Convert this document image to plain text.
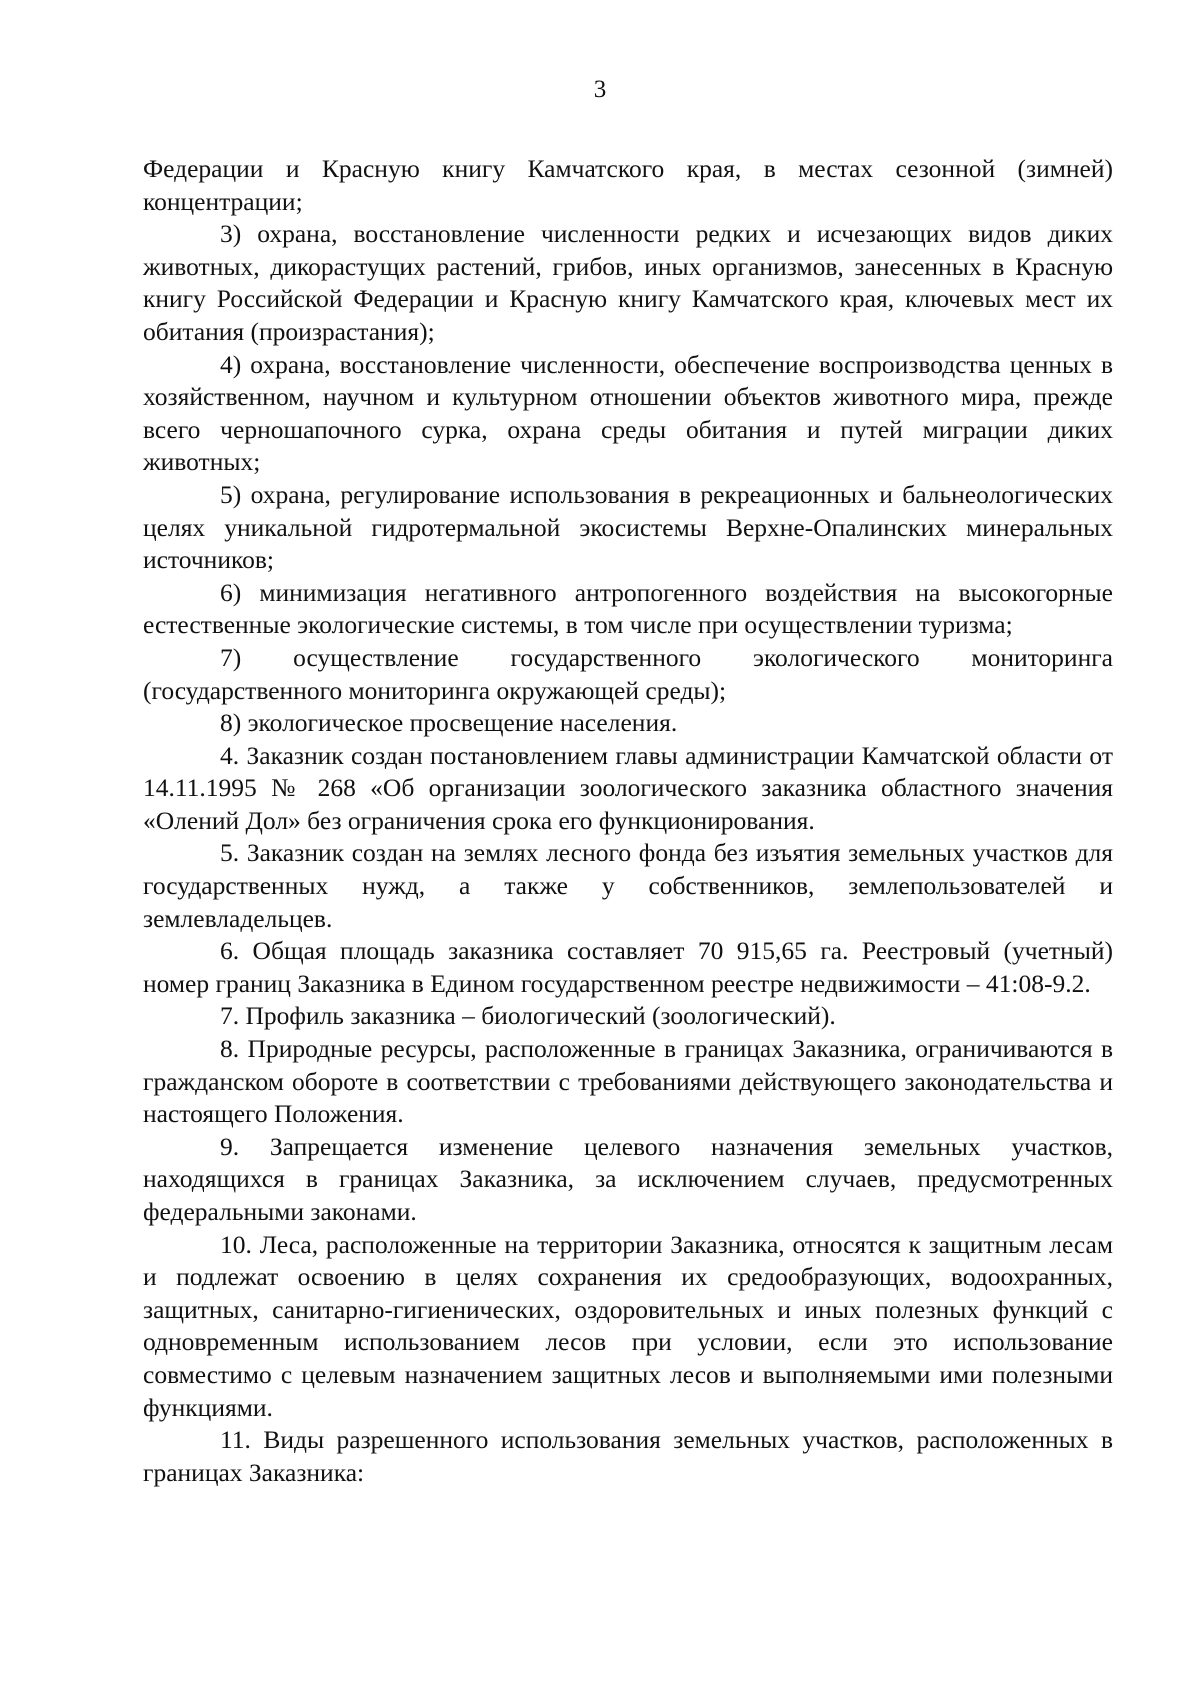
3

Федерации и Красную книгу Камчатского края, в местах сезонной (зимней) концентрации;

3) охрана, восстановление численности редких и исчезающих видов диких животных, дикорастущих растений, грибов, иных организмов, занесенных в Красную книгу Российской Федерации и Красную книгу Камчатского края, ключевых мест их обитания (произрастания);

4) охрана, восстановление численности, обеспечение воспроизводства ценных в хозяйственном, научном и культурном отношении объектов животного мира, прежде всего черношапочного сурка, охрана среды обитания и путей миграции диких животных;

5) охрана, регулирование использования в рекреационных и бальнеологических целях уникальной гидротермальной экосистемы Верхне-Опалинских минеральных источников;

6) минимизация негативного антропогенного воздействия на высокогорные естественные экологические системы, в том числе при осуществлении туризма;

7) осуществление государственного экологического мониторинга (государственного мониторинга окружающей среды);

8) экологическое просвещение населения.

4. Заказник создан постановлением главы администрации Камчатской области от 14.11.1995 № 268 «Об организации зоологического заказника областного значения «Олений Дол» без ограничения срока его функционирования.

5. Заказник создан на землях лесного фонда без изъятия земельных участков для государственных нужд, а также у собственников, землепользователей и землевладельцев.

6. Общая площадь заказника составляет 70 915,65 га. Реестровый (учетный) номер границ Заказника в Едином государственном реестре недвижимости – 41:08-9.2.

7. Профиль заказника – биологический (зоологический).

8. Природные ресурсы, расположенные в границах Заказника, ограничиваются в гражданском обороте в соответствии с требованиями действующего законодательства и настоящего Положения.

9. Запрещается изменение целевого назначения земельных участков, находящихся в границах Заказника, за исключением случаев, предусмотренных федеральными законами.

10. Леса, расположенные на территории Заказника, относятся к защитным лесам и подлежат освоению в целях сохранения их средообразующих, водоохранных, защитных, санитарно-гигиенических, оздоровительных и иных полезных функций с одновременным использованием лесов при условии, если это использование совместимо с целевым назначением защитных лесов и выполняемыми ими полезными функциями.

11. Виды разрешенного использования земельных участков, расположенных в границах Заказника:
